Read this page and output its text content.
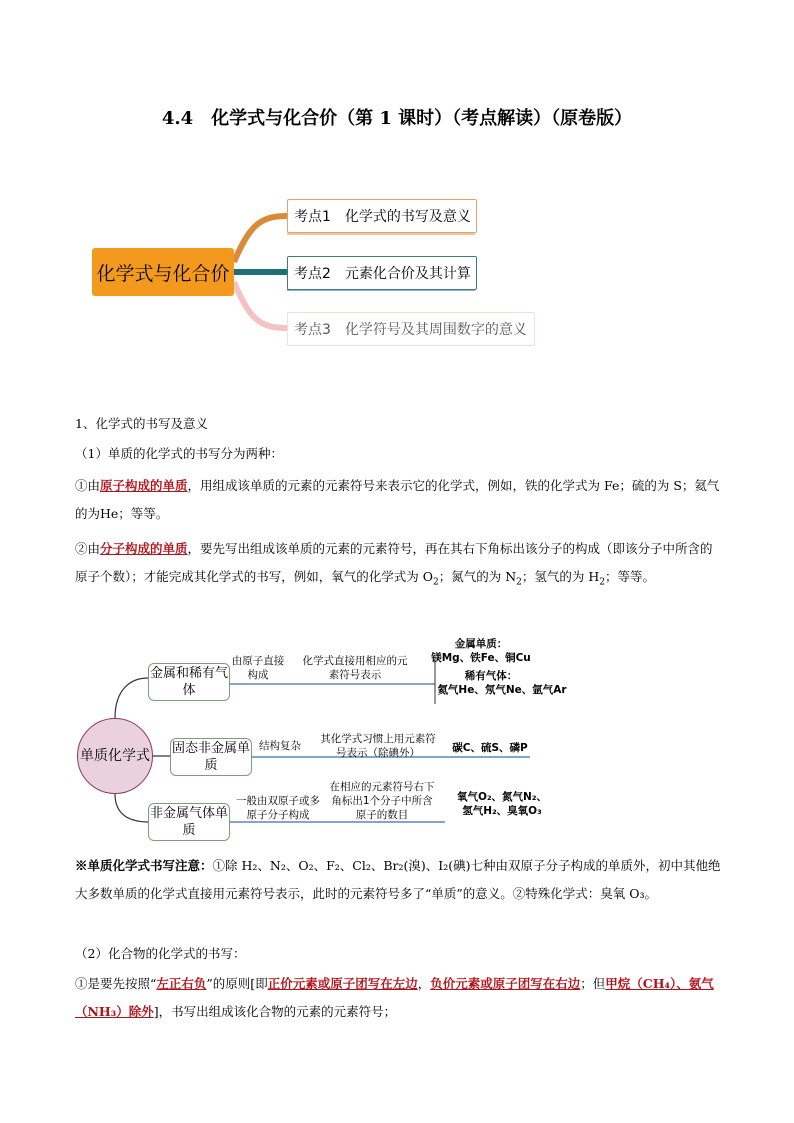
4.4　化学式与化合价（第 1 课时）（考点解读）（原卷版）
化学式与化合价
考点1　化学式的书写及意义
考点2　元素化合价及其计算
考点3　化学符号及其周围数字的意义
1、化学式的书写及意义
（1）单质的化学式的书写分为两种：
①由原子构成的单质，用组成该单质的元素的元素符号来表示它的化学式，例如，铁的化学式为 Fe；硫的为 S；氦气的为He；等等。
②由分子构成的单质，要先写出组成该单质的元素的元素符号，再在其右下角标出该分子的构成（即该分子中所含的原子个数）；才能完成其化学式的书写，例如，氧气的化学式为 $O_2$；氮气的为 $N_2$；氢气的为 $H_2$；等等。
单质化学式
金属和稀有气体
由原子直接构成
化学式直接用相应的元素符号表示
金属单质：
镁Mg、铁Fe、铜Cu
稀有气体：
氦气He、氖气Ne、氩气Ar
固态非金属单质
结构复杂
其化学式习惯上用元素符号表示（除碘外）	碳C、硫S、磷P
非金属气体单质
一般由双原子或多原子分子构成
在相应的元素符号右下角标出1个分子中所含原子的数目
氧气O₂、氮气N₂、氢气H₂、臭氧O₃
※单质化学式书写注意：①除 H₂、N₂、O₂、F₂、Cl₂、Br₂(溴)、I₂(碘)七种由双原子分子构成的单质外，初中其他绝大多数单质的化学式直接用元素符号表示，此时的元素符号多了“单质”的意义。②特殊化学式：臭氧 O₃。
（2）化合物的化学式的书写：
①是要先按照“左正右负”的原则[即正价元素或原子团写在左边，负价元素或原子团写在右边；但甲烷（CH₄）、氨气（NH₃）除外]，书写出组成该化合物的元素的元素符号；
